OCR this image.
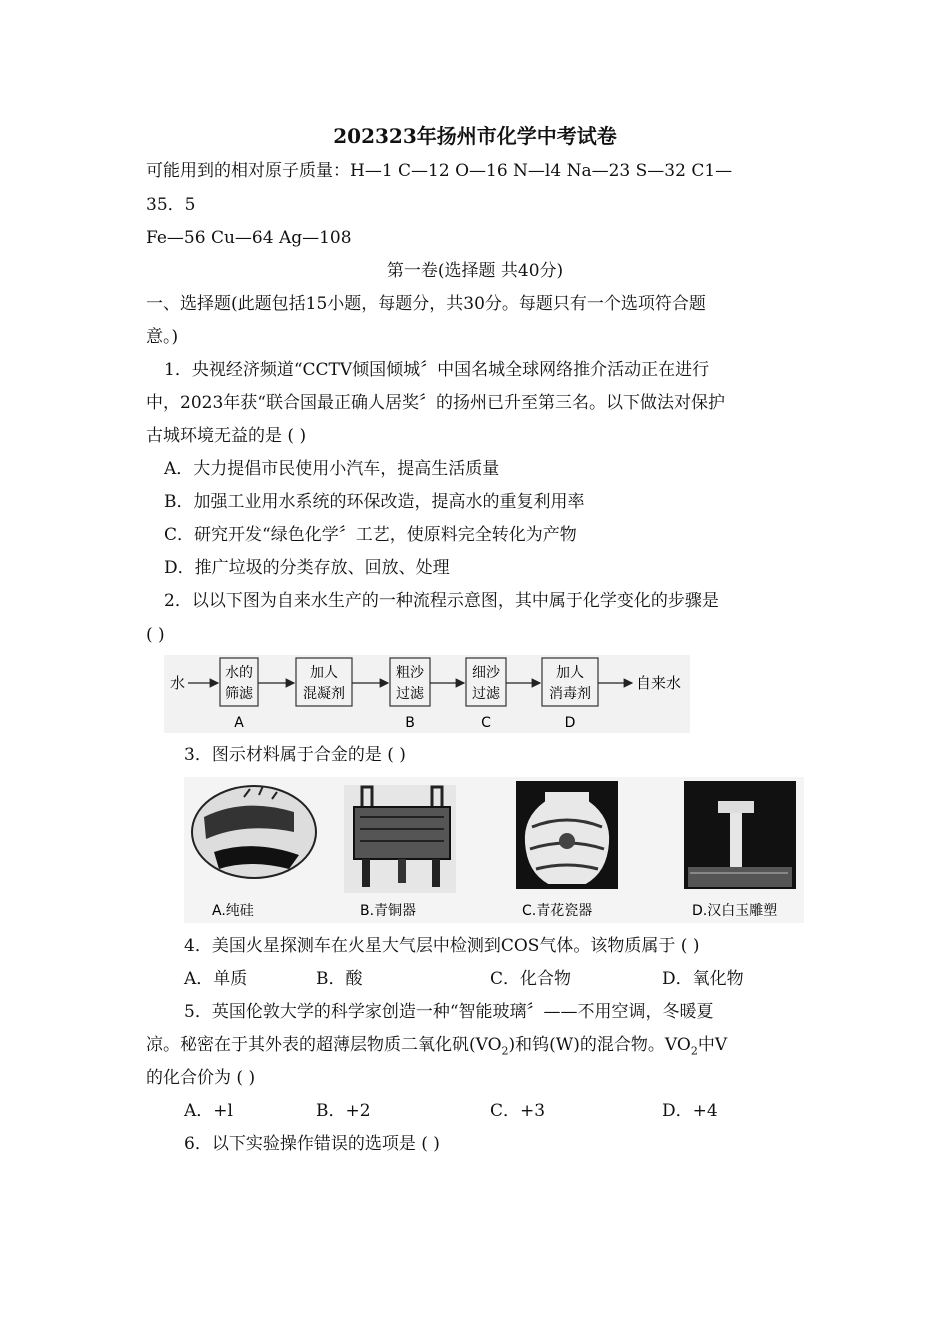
202323年扬州市化学中考试卷
可能用到的相对原子质量：H—1 C—12 O—16 N—l4 Na—23 S—32 C1—
35．5
Fe—56 Cu—64 Ag—108
第一卷(选择题 共40分)
一、选择题(此题包括15小题，每题分，共30分。每题只有一个选项符合题
意。)
1．央视经济频道“CCTV倾国倾城〞中国名城全球网络推介活动正在进行
中，2023年获“联合国最正确人居奖〞的扬州已升至第三名。以下做法对保护
古城环境无益的是 ( )
A．大力提倡市民使用小汽车，提高生活质量
B．加强工业用水系统的环保改造，提高水的重复利用率
C．研究开发“绿色化学〞工艺，使原料完全转化为产物
D．推广垃圾的分类存放、回放、处理
2．以以下图为自来水生产的一种流程示意图，其中属于化学变化的步骤是
( )
水
水的
筛滤
A
加人
混凝剂
粗沙
过滤
B
细沙
过滤
C
加人
消毒剂
D
自来水
3．图示材料属于合金的是 ( )
A.纯硅	B.青铜器	C.青花瓷器	D.汉白玉雕塑
4．美国火星探测车在火星大气层中检测到COS气体。该物质属于 ( )
A．单质	B．酸	C．化合物	D．氧化物
5．英国伦敦大学的科学家创造一种“智能玻璃〞——不用空调，冬暖夏
凉。秘密在于其外表的超薄层物质二氧化矾$(VO_2)$和钨(W)的混合物。$VO_2$中V
的化合价为 ( )
A．+l	B．+2	C．+3	D．+4
6．以下实验操作错误的选项是 ( )
